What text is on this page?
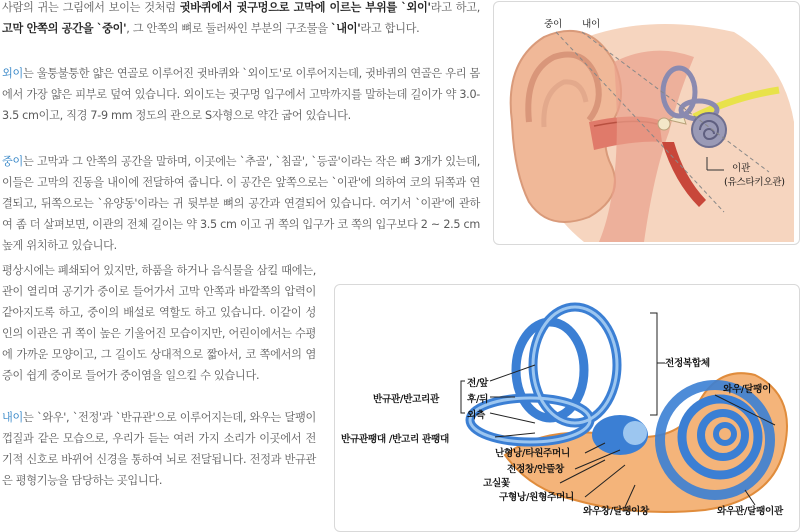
사람의 귀는 그림에서 보이는 것처럼 귓바퀴에서 귓구멍으로 고막에 이르는 부위를 `외이'라고 하고, 고막 안쪽의 공간을 `중이', 그 안쪽의 뼈로 둘러싸인 부분의 구조물을 `내이'라고 합니다.

외이는 울퉁불퉁한 얇은 연골로 이루어진 귓바퀴와 `외이도'로 이루어지는데, 귓바퀴의 연골은 우리 몸에서 가장 얇은 피부로 덮여 있습니다. 외이도는 귓구멍 입구에서 고막까지를 말하는데 길이가 약 3.0-3.5 cm이고, 직경 7-9 mm 정도의 관으로 S자형으로 약간 굽어 있습니다.

중이는 고막과 그 안쪽의 공간을 말하며, 이곳에는 `추골', `침골', `등골'이라는 작은 뼈 3개가 있는데, 이들은 고막의 진동을 내이에 전달하여 줍니다. 이 공간은 앞쪽으로는 `이관'에 의하여 코의 뒤쪽과 연결되고, 뒤쪽으로는 `유양동'이라는 귀 뒷부분 뼈의 공간과 연결되어 있습니다. 여기서 `이관'에 관하여 좀 더 살펴보면, 이관의 전체 길이는 약 3.5 cm 이고 귀 쪽의 입구가 코 쪽의 입구보다 2 ~ 2.5 cm 높게 위치하고 있습니다.

평상시에는 폐쇄되어 있지만, 하품을 하거나 음식물을 삼킬 때에는, 관이 열리며 공기가 중이로 들어가서 고막 안쪽과 바깥쪽의 압력이 같아지도록 하고, 중이의 배설로 역할도 하고 있습니다. 이같이 성인의 이관은 귀 쪽이 높은 기울어진 모습이지만, 어린이에서는 수평에 가까운 모양이고, 그 길이도 상대적으로 짧아서, 코 쪽에서의 염증이 쉽게 중이로 들어가 중이염을 일으킬 수 있습니다.

내이는 `와우', `전정'과 `반규관'으로 이루어지는데, 와우는 달팽이 껍질과 같은 모습으로, 우리가 듣는 여러 가지 소리가 이곳에서 전기적 신호로 바뀌어 신경을 통하여 뇌로 전달됩니다. 전정과 반규관은 평형기능을 담당하는 곳입니다.

중이 내이
이관
(유스타키오관)
전정복합체
전/앞
후/뒤
외측
반규관/반고리관
반규관팽대 /반고리 관팽대
난형낭/타원주머니
전정창/안뜰창
고실꽃
구형낭/원형주머니
와우창/달팽이창
와우/달팽이
와우관/달팽이관
